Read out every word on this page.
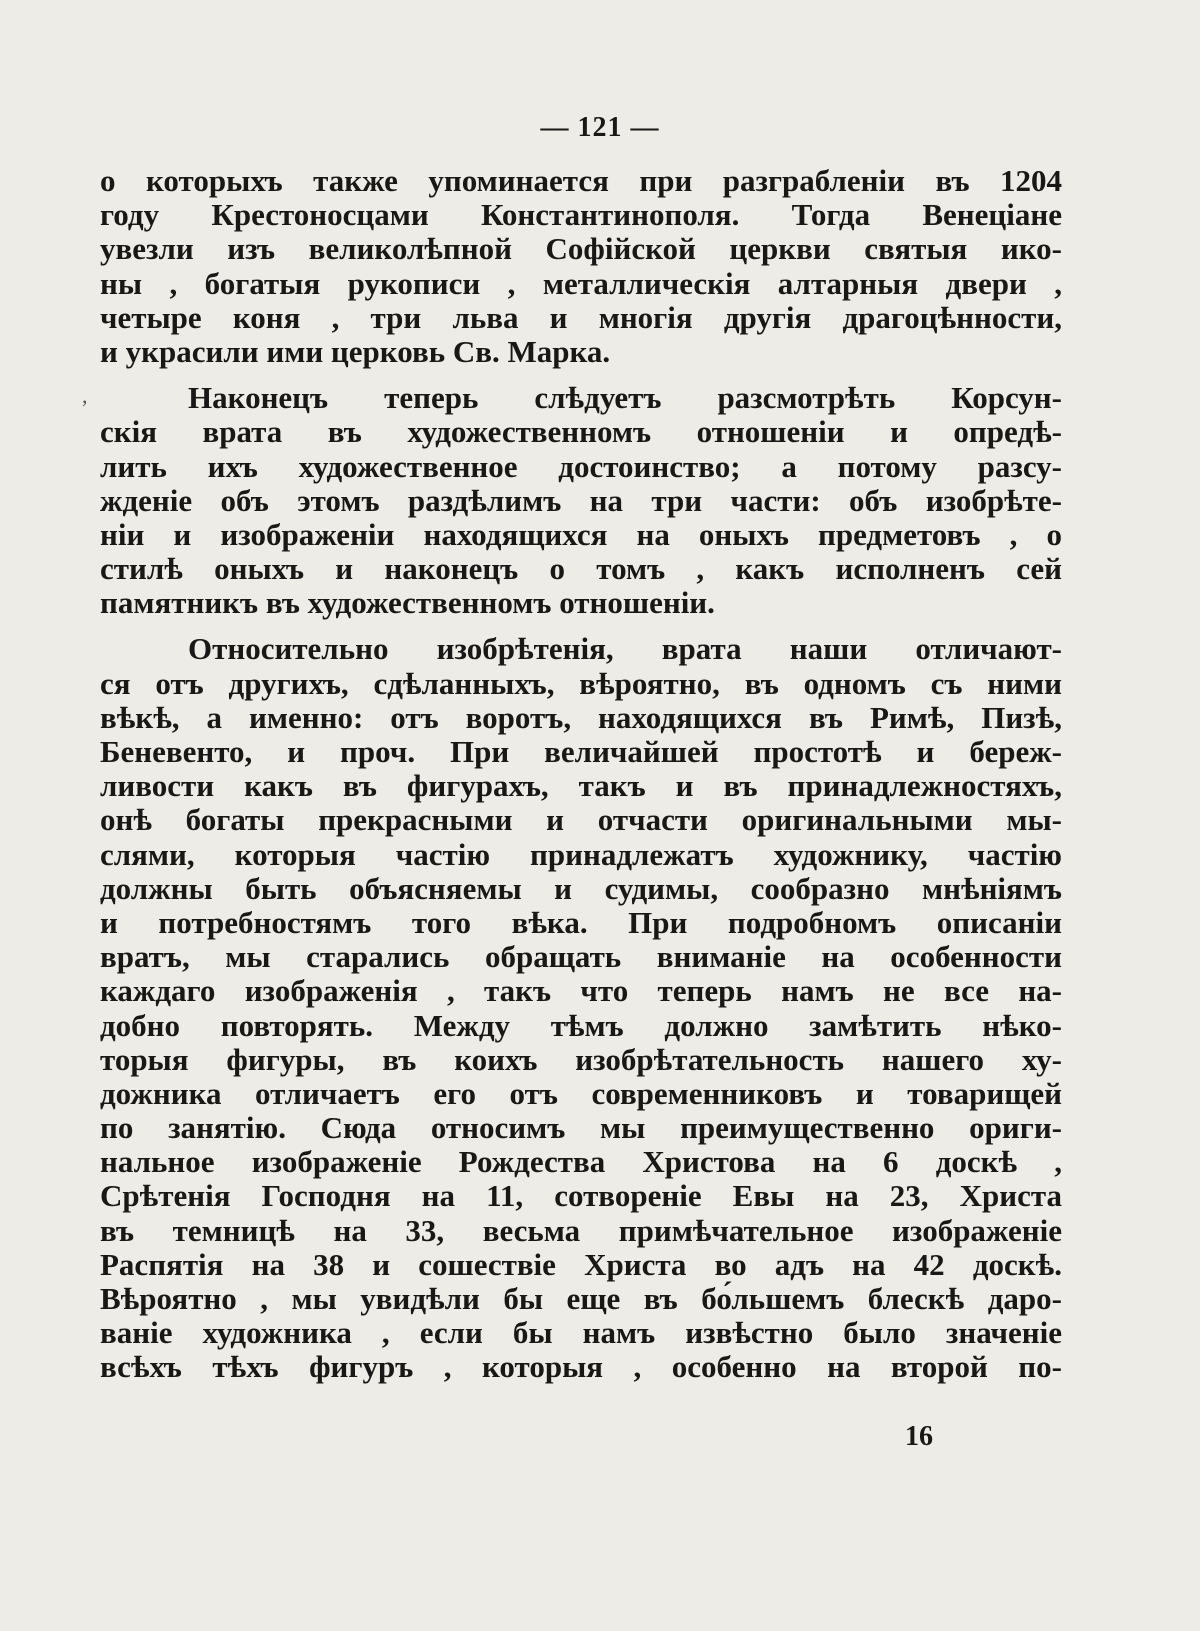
— 121 —
,
о которыхъ также упоминается при разграбленіи въ 1204
году Крестоносцами Константинополя. Тогда Венеціане
увезли изъ великолѣпной Софійской церкви святыя ико-
ны , богатыя рукописи , металлическія алтарныя двери ,
четыре коня , три льва и многія другія драгоцѣнности,
и украсили ими церковь Св. Марка.
Наконецъ теперь слѣдуетъ разсмотрѣть Корсун-
скія врата въ художественномъ отношеніи и опредѣ-
лить ихъ художественное достоинство; а потому разсу-
жденіе объ этомъ раздѣлимъ на три части: объ изобрѣте-
ніи и изображеніи находящихся на оныхъ предметовъ , о
стилѣ оныхъ и наконецъ о томъ , какъ исполненъ сей
памятникъ въ художественномъ отношеніи.
Относительно изобрѣтенія, врата наши отличают-
ся отъ другихъ, сдѣланныхъ, вѣроятно, въ одномъ съ ними
вѣкѣ, а именно: отъ воротъ, находящихся въ Римѣ, Пизѣ,
Беневенто, и проч. При величайшей простотѣ и береж-
ливости какъ въ фигурахъ, такъ и въ принадлежностяхъ,
онѣ богаты прекрасными и отчасти оригинальными мы-
слями, которыя частію принадлежатъ художнику, частію
должны быть объясняемы и судимы, сообразно мнѣніямъ
и потребностямъ того вѣка. При подробномъ описаніи
вратъ, мы старались обращать вниманіе на особенности
каждаго изображенія , такъ что теперь намъ не все на-
добно повторять. Между тѣмъ должно замѣтить нѣко-
торыя фигуры, въ коихъ изобрѣтательность нашего ху-
дожника отличаетъ его отъ современниковъ и товарищей
по занятію. Сюда относимъ мы преимущественно ориги-
нальное изображеніе Рождества Христова на 6 доскѣ ,
Срѣтенія Господня на 11, сотвореніе Евы на 23, Христа
въ темницѣ на 33, весьма примѣчательное изображеніе
Распятія на 38 и сошествіе Христа во адъ на 42 доскѣ.
Вѣроятно , мы увидѣли бы еще въ бо́льшемъ блескѣ даро-
ваніе художника , если бы намъ извѣстно было значеніе
всѣхъ тѣхъ фигуръ , которыя , особенно на второй по-
16
